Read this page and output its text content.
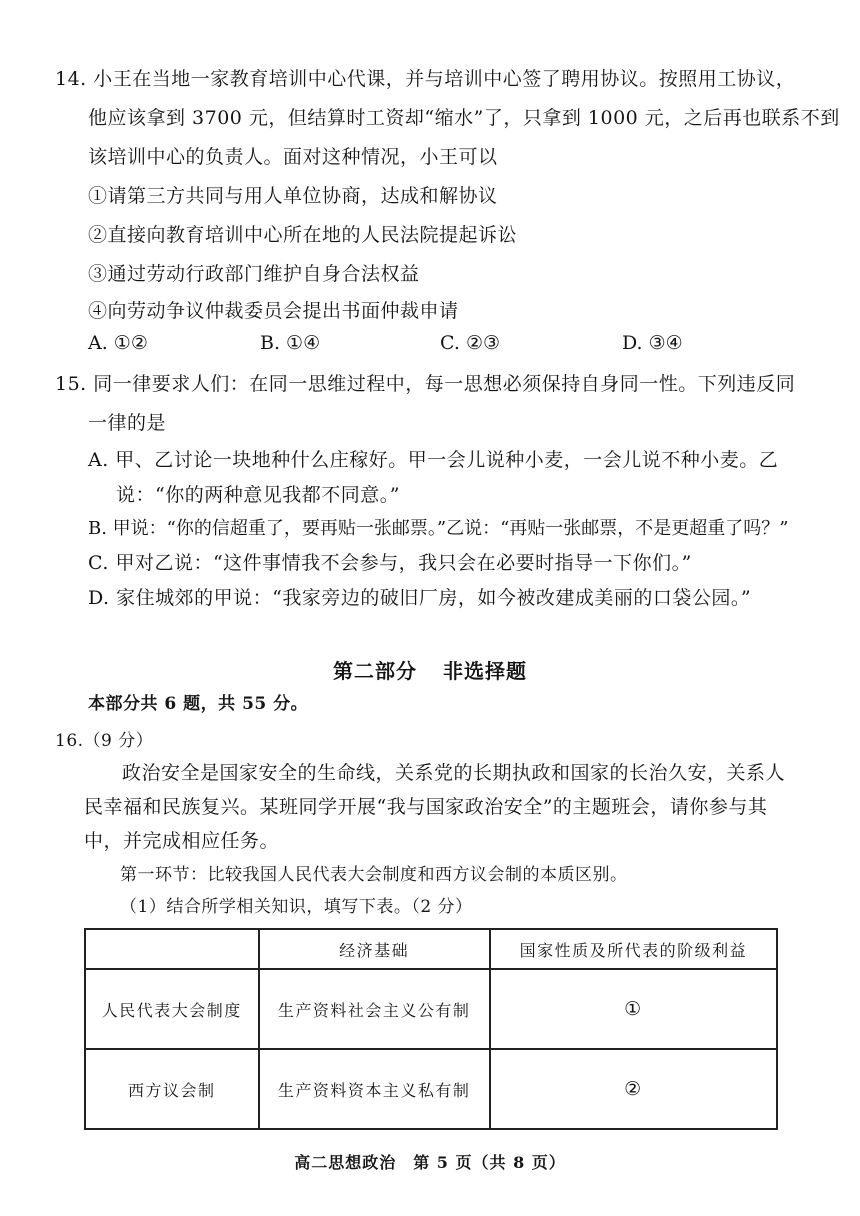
14. 小王在当地一家教育培训中心代课，并与培训中心签了聘用协议。按照用工协议，
他应该拿到 3700 元，但结算时工资却“缩水”了，只拿到 1000 元，之后再也联系不到
该培训中心的负责人。面对这种情况，小王可以
①请第三方共同与用人单位协商，达成和解协议
②直接向教育培训中心所在地的人民法院提起诉讼
③通过劳动行政部门维护自身合法权益
④向劳动争议仲裁委员会提出书面仲裁申请
A. ①②	B. ①④	C. ②③	D. ③④
15. 同一律要求人们：在同一思维过程中，每一思想必须保持自身同一性。下列违反同
一律的是
A. 甲、乙讨论一块地种什么庄稼好。甲一会儿说种小麦，一会儿说不种小麦。乙
说：“你的两种意见我都不同意。”
B. 甲说：“你的信超重了，要再贴一张邮票。”乙说：“再贴一张邮票，不是更超重了吗？”
C. 甲对乙说：“这件事情我不会参与，我只会在必要时指导一下你们。”
D. 家住城郊的甲说：“我家旁边的破旧厂房，如今被改建成美丽的口袋公园。”
第二部分 非选择题
本部分共 6 题，共 55 分。
16.（9 分）
政治安全是国家安全的生命线，关系党的长期执政和国家的长治久安，关系人
民幸福和民族复兴。某班同学开展“我与国家政治安全”的主题班会，请你参与其
中，并完成相应任务。
第一环节：比较我国人民代表大会制度和西方议会制的本质区别。
（1）结合所学相关知识，填写下表。（2 分）
	经济基础	国家性质及所代表的阶级利益
人民代表大会制度	生产资料社会主义公有制	①
西方议会制	生产资料资本主义私有制	②
高二思想政治　第 5 页（共 8 页）
